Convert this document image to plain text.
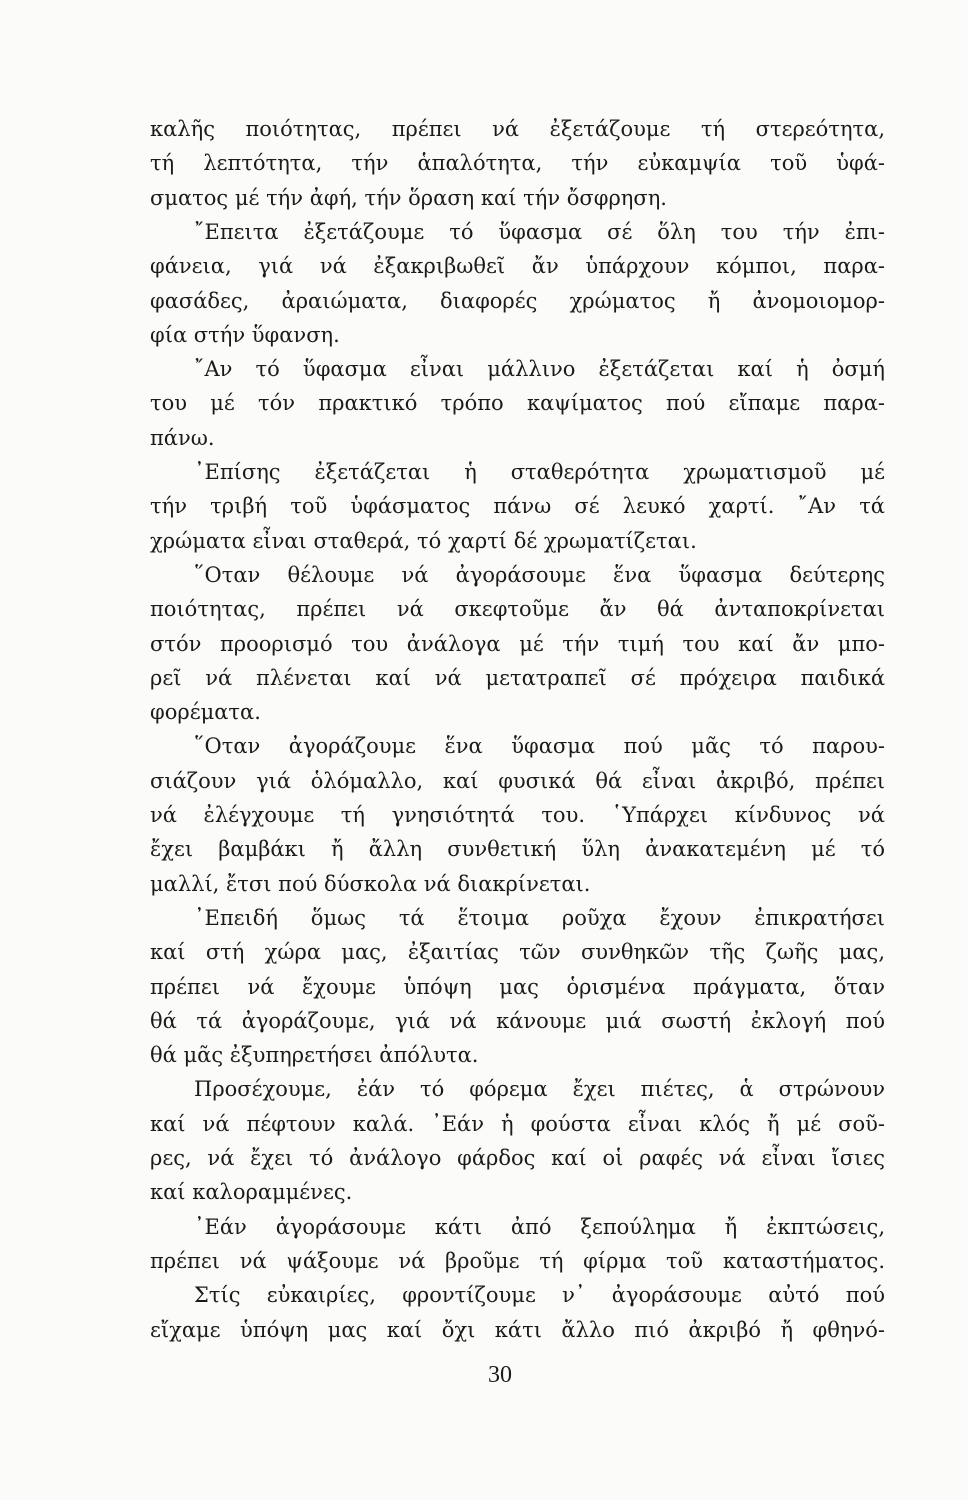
καλῆς ποιότητας, πρέπει νά ἐξετάζουμε τή στερεότητα,
τή λεπτότητα, τήν ἁπαλότητα, τήν εὐκαμψία τοῦ ὑφά-
σματος μέ τήν ἀφή, τήν ὅραση καί τήν ὄσφρηση.
῎Επειτα ἐξετάζουμε τό ὕφασμα σέ ὅλη του τήν ἐπι-
φάνεια, γιά νά ἐξακριβωθεῖ ἄν ὑπάρχουν κόμποι, παρα-
φασάδες, ἀραιώματα, διαφορές χρώματος ἤ ἀνομοιομορ-
φία στήν ὕφανση.
῎Αν τό ὕφασμα εἶναι μάλλινο ἐξετάζεται καί ἡ ὀσμή
του μέ τόν πρακτικό τρόπο καψίματος πού εἴπαμε παρα-
πάνω.
᾿Επίσης ἐξετάζεται ἡ σταθερότητα χρωματισμοῦ μέ
τήν τριβή τοῦ ὑφάσματος πάνω σέ λευκό χαρτί. ῎Αν τά
χρώματα εἶναι σταθερά, τό χαρτί δέ χρωματίζεται.
῞Οταν θέλουμε νά ἀγοράσουμε ἕνα ὕφασμα δεύτερης
ποιότητας, πρέπει νά σκεφτοῦμε ἄν θά ἀνταποκρίνεται
στόν προορισμό του ἀνάλογα μέ τήν τιμή του καί ἄν μπο-
ρεῖ νά πλένεται καί νά μετατραπεῖ σέ πρόχειρα παιδικά
φορέματα.
῞Οταν ἀγοράζουμε ἕνα ὕφασμα πού μᾶς τό παρου-
σιάζουν γιά ὁλόμαλλο, καί φυσικά θά εἶναι ἀκριβό, πρέπει
νά ἐλέγχουμε τή γνησιότητά του. ῾Υπάρχει κίνδυνος νά
ἔχει βαμβάκι ἤ ἄλλη συνθετική ὕλη ἀνακατεμένη μέ τό
μαλλί, ἔτσι πού δύσκολα νά διακρίνεται.
᾿Επειδή ὅμως τά ἕτοιμα ροῦχα ἔχουν ἐπικρατήσει
καί στή χώρα μας, ἐξαιτίας τῶν συνθηκῶν τῆς ζωῆς μας,
πρέπει νά ἔχουμε ὑπόψη μας ὁρισμένα πράγματα, ὅταν
θά τά ἀγοράζουμε, γιά νά κάνουμε μιά σωστή ἐκλογή πού
θά μᾶς ἐξυπηρετήσει ἀπόλυτα.
Προσέχουμε, ἐάν τό φόρεμα ἔχει πιέτες, ἁ στρώνουν
καί νά πέφτουν καλά. ᾿Εάν ἡ φούστα εἶναι κλός ἤ μέ σοῦ-
ρες, νά ἔχει τό ἀνάλογο φάρδος καί οἱ ραφές νά εἶναι ἴσιες
καί καλοραμμένες.
᾿Εάν ἀγοράσουμε κάτι ἀπό ξεπούλημα ἤ ἐκπτώσεις,
πρέπει νά ψάξουμε νά βροῦμε τή φίρμα τοῦ καταστήματος.
Στίς εὐκαιρίες, φροντίζουμε ν᾿ ἀγοράσουμε αὐτό πού
εἴχαμε ὑπόψη μας καί ὄχι κάτι ἄλλο πιό ἀκριβό ἤ φθηνό-
30
